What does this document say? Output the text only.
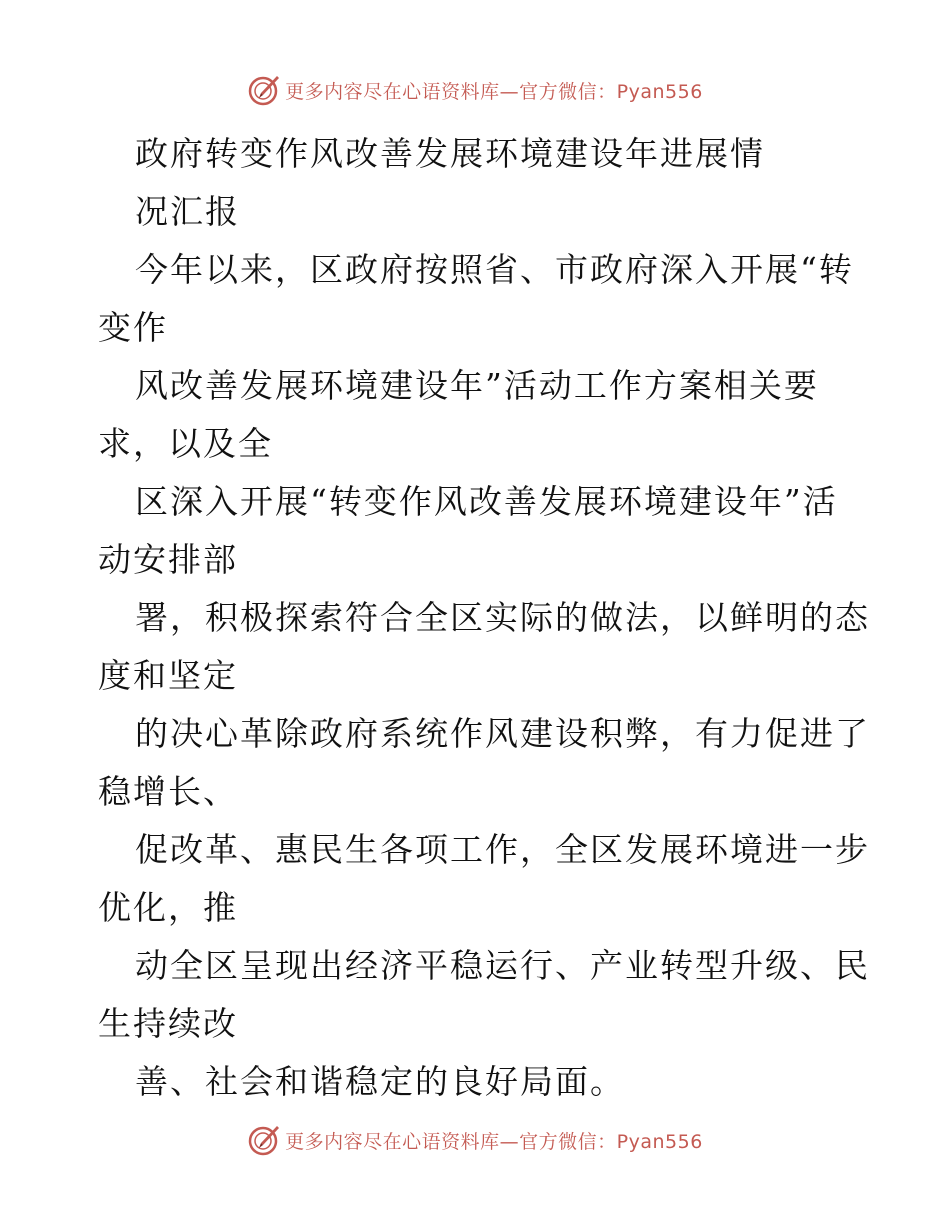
更多内容尽在心语资料库—官方微信：Pyan556
政府转变作风改善发展环境建设年进展情
况汇报
今年以来，区政府按照省、市政府深入开展“转
变作
风改善发展环境建设年”活动工作方案相关要
求，以及全
区深入开展“转变作风改善发展环境建设年”活
动安排部
署，积极探索符合全区实际的做法，以鲜明的态
度和坚定
的决心革除政府系统作风建设积弊，有力促进了
稳增长、
促改革、惠民生各项工作，全区发展环境进一步
优化，推
动全区呈现出经济平稳运行、产业转型升级、民
生持续改
善、社会和谐稳定的良好局面。
更多内容尽在心语资料库—官方微信：Pyan556
